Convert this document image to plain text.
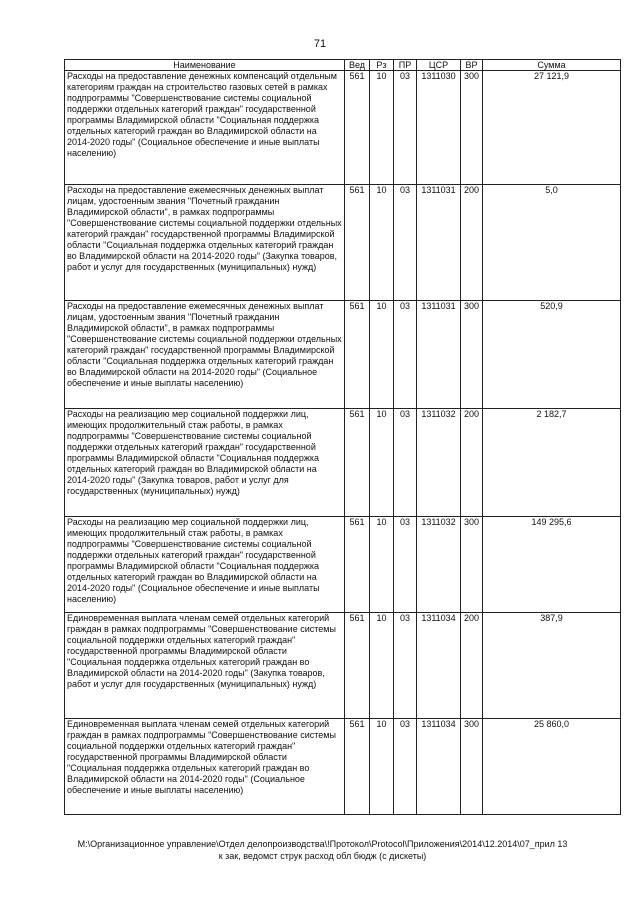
71
Наименование	Вед	Рз	ПР	ЦСР	ВР	Сумма
Расходы на предоставление денежных компенсаций отдельным категориям граждан на строительство газовых сетей в рамках подпрограммы "Совершенствование системы социальной поддержки отдельных категорий граждан" государственной программы Владимирской области "Социальная поддержка отдельных категорий граждан во Владимирской области на 2014-2020 годы" (Социальное обеспечение и иные выплаты населению)	561	10	03	1311030	300	27 121,9
Расходы на предоставление ежемесячных денежных выплат лицам, удостоенным звания "Почетный гражданин Владимирской области", в рамках подпрограммы "Совершенствование системы социальной поддержки отдельных категорий граждан" государственной программы Владимирской области "Социальная поддержка отдельных категорий граждан во Владимирской области на 2014-2020 годы" (Закупка товаров, работ и услуг для государственных (муниципальных) нужд)	561	10	03	1311031	200	5,0
Расходы на предоставление ежемесячных денежных выплат лицам, удостоенным звания "Почетный гражданин Владимирской области", в рамках подпрограммы "Совершенствование системы социальной поддержки отдельных категорий граждан" государственной программы Владимирской области "Социальная поддержка отдельных категорий граждан во Владимирской области на 2014-2020 годы" (Социальное обеспечение и иные выплаты населению)	561	10	03	1311031	300	520,9
Расходы на реализацию мер социальной поддержки лиц, имеющих продолжительный стаж работы, в рамках подпрограммы "Совершенствование системы социальной поддержки отдельных категорий граждан" государственной программы Владимирской области "Социальная поддержка отдельных категорий граждан во Владимирской области на 2014-2020 годы" (Закупка товаров, работ и услуг для государственных (муниципальных) нужд)	561	10	03	1311032	200	2 182,7
Расходы на реализацию мер социальной поддержки лиц, имеющих продолжительный стаж работы, в рамках подпрограммы "Совершенствование системы социальной поддержки отдельных категорий граждан" государственной программы Владимирской области "Социальная поддержка отдельных категорий граждан во Владимирской области на 2014-2020 годы" (Социальное обеспечение и иные выплаты населению)	561	10	03	1311032	300	149 295,6
Единовременная выплата членам семей отдельных категорий граждан в рамках подпрограммы "Совершенствование системы социальной поддержки отдельных категорий граждан" государственной программы Владимирской области "Социальная поддержка отдельных категорий граждан во Владимирской области на 2014-2020 годы" (Закупка товаров, работ и услуг для государственных (муниципальных) нужд)	561	10	03	1311034	200	387,9
Единовременная выплата членам семей отдельных категорий граждан в рамках подпрограммы "Совершенствование системы социальной поддержки отдельных категорий граждан" государственной программы Владимирской области "Социальная поддержка отдельных категорий граждан во Владимирской области на 2014-2020 годы" (Социальное обеспечение и иные выплаты населению)	561	10	03	1311034	300	25 860,0
M:\Организационное управление\Отдел делопроизводства\!Протокол\Protocol\Приложения\2014\12.2014\07_прил 13
к зак, ведомст струк расход обл бюдж (с дискеты)
